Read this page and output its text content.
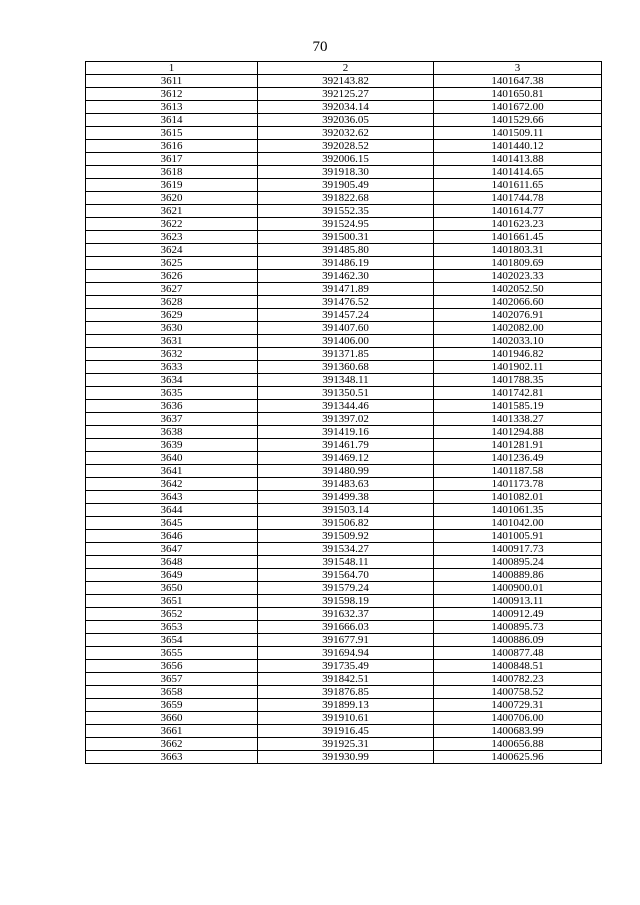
70
1	2	3
3611	392143.82	1401647.38
3612	392125.27	1401650.81
3613	392034.14	1401672.00
3614	392036.05	1401529.66
3615	392032.62	1401509.11
3616	392028.52	1401440.12
3617	392006.15	1401413.88
3618	391918.30	1401414.65
3619	391905.49	1401611.65
3620	391822.68	1401744.78
3621	391552.35	1401614.77
3622	391524.95	1401623.23
3623	391500.31	1401661.45
3624	391485.80	1401803.31
3625	391486.19	1401809.69
3626	391462.30	1402023.33
3627	391471.89	1402052.50
3628	391476.52	1402066.60
3629	391457.24	1402076.91
3630	391407.60	1402082.00
3631	391406.00	1402033.10
3632	391371.85	1401946.82
3633	391360.68	1401902.11
3634	391348.11	1401788.35
3635	391350.51	1401742.81
3636	391344.46	1401585.19
3637	391397.02	1401338.27
3638	391419.16	1401294.88
3639	391461.79	1401281.91
3640	391469.12	1401236.49
3641	391480.99	1401187.58
3642	391483.63	1401173.78
3643	391499.38	1401082.01
3644	391503.14	1401061.35
3645	391506.82	1401042.00
3646	391509.92	1401005.91
3647	391534.27	1400917.73
3648	391548.11	1400895.24
3649	391564.70	1400889.86
3650	391579.24	1400900.01
3651	391598.19	1400913.11
3652	391632.37	1400912.49
3653	391666.03	1400895.73
3654	391677.91	1400886.09
3655	391694.94	1400877.48
3656	391735.49	1400848.51
3657	391842.51	1400782.23
3658	391876.85	1400758.52
3659	391899.13	1400729.31
3660	391910.61	1400706.00
3661	391916.45	1400683.99
3662	391925.31	1400656.88
3663	391930.99	1400625.96
